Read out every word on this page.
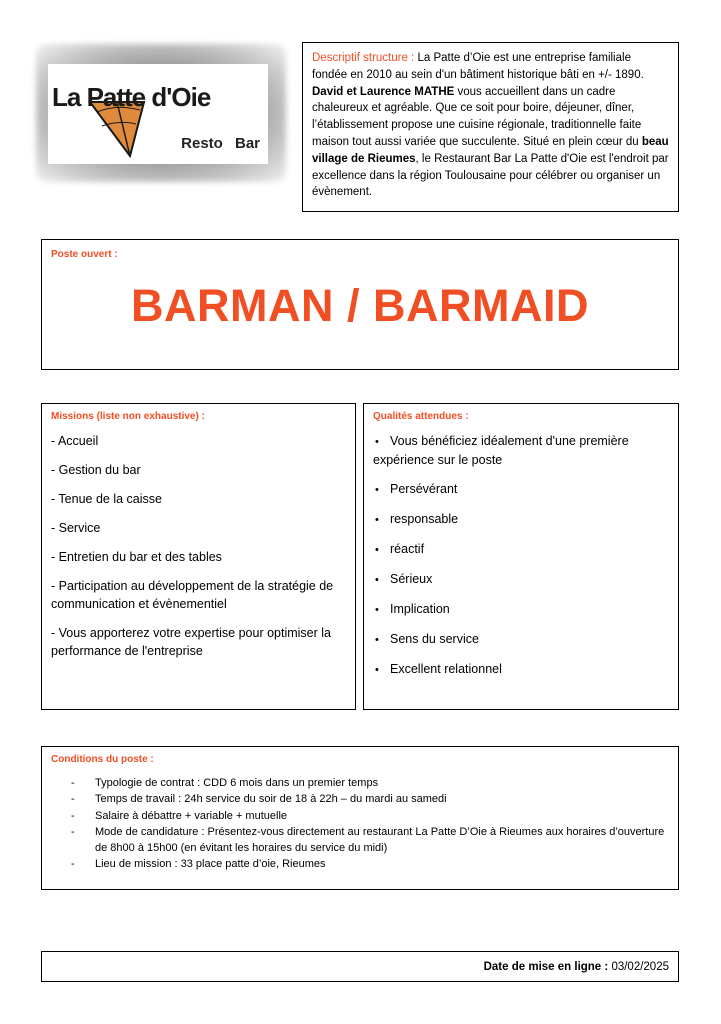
La Patte d'Oie
Resto Bar

Descriptif structure : La Patte d’Oie est une entreprise familiale fondée en 2010 au sein d'un bâtiment historique bâti en +/- 1890. David et Laurence MATHE vous accueillent dans un cadre chaleureux et agréable. Que ce soit pour boire, déjeuner, dîner, l’établissement propose une cuisine régionale, traditionnelle faite maison tout aussi variée que succulente. Situé en plein cœur du beau village de Rieumes, le Restaurant Bar La Patte d'Oie est l'endroit par excellence dans la région Toulousaine pour célébrer ou organiser un évènement.

Poste ouvert :
BARMAN / BARMAID
Missions (liste non exhaustive) :
- Accueil
- Gestion du bar
- Tenue de la caisse
- Service
- Entretien du bar et des tables
- Participation au développement de la stratégie de communication et évènementiel
- Vous apporterez votre expertise pour optimiser la performance de l'entreprise
Qualités attendues :
• Vous bénéficiez idéalement d'une première expérience sur le poste
• Persévérant
• responsable
• réactif
• Sérieux
• Implication
• Sens du service
• Excellent relationnel
Conditions du poste :
- Typologie de contrat : CDD 6 mois dans un premier temps
- Temps de travail : 24h service du soir de 18 à 22h – du mardi au samedi
- Salaire à débattre + variable + mutuelle
- Mode de candidature : Présentez-vous directement au restaurant La Patte D’Oie à Rieumes aux horaires d’ouverture de 8h00 à 15h00 (en évitant les horaires du service du midi)
- Lieu de mission : 33 place patte d’oie, Rieumes
Date de mise en ligne : 03/02/2025
